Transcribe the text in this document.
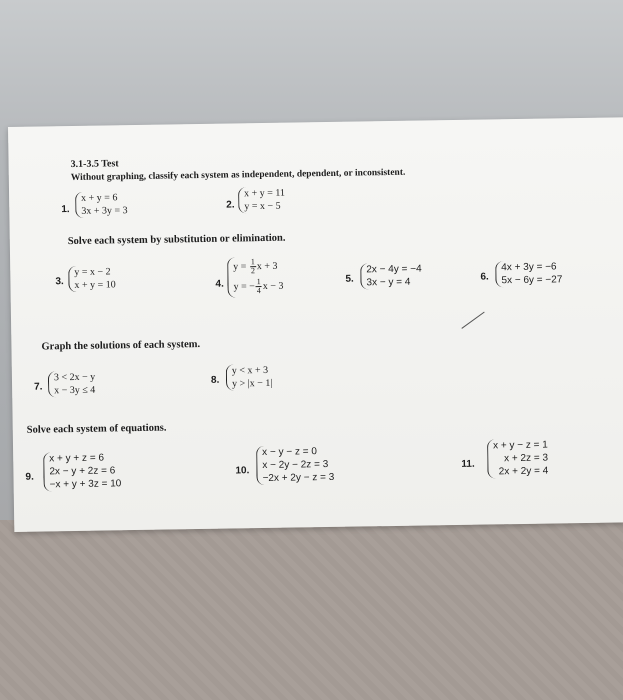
3.1-3.5 Test
Without graphing, classify each system as independent, dependent, or inconsistent.
1.
x + y = 6
3x + 3y = 3
2.
x + y = 11
y = x − 5
Solve each system by substitution or elimination.
3.
y = x − 2
x + y = 10	4.
$y = \frac{1}{2}$ x + 3
y = − $\frac{1}{4}$ x − 3
5.
2x − 4y = −4
3x − y = 4	6.
4x + 3y = −6
5x − 6y = −27
Graph the solutions of each system.
7.
3 < 2x − y
x − 3y ≤ 4
8.
y < x + 3
y > |x − 1|
Solve each system of equations.
9.
x + y + z = 6
2x − y + 2z = 6
−x + y + 3z = 10
10.
x − y − z = 0
x − 2y − 2z = 3
−2x + 2y − z = 3
11.
x + y − z = 1
x + 2z = 3
2x + 2y = 4
